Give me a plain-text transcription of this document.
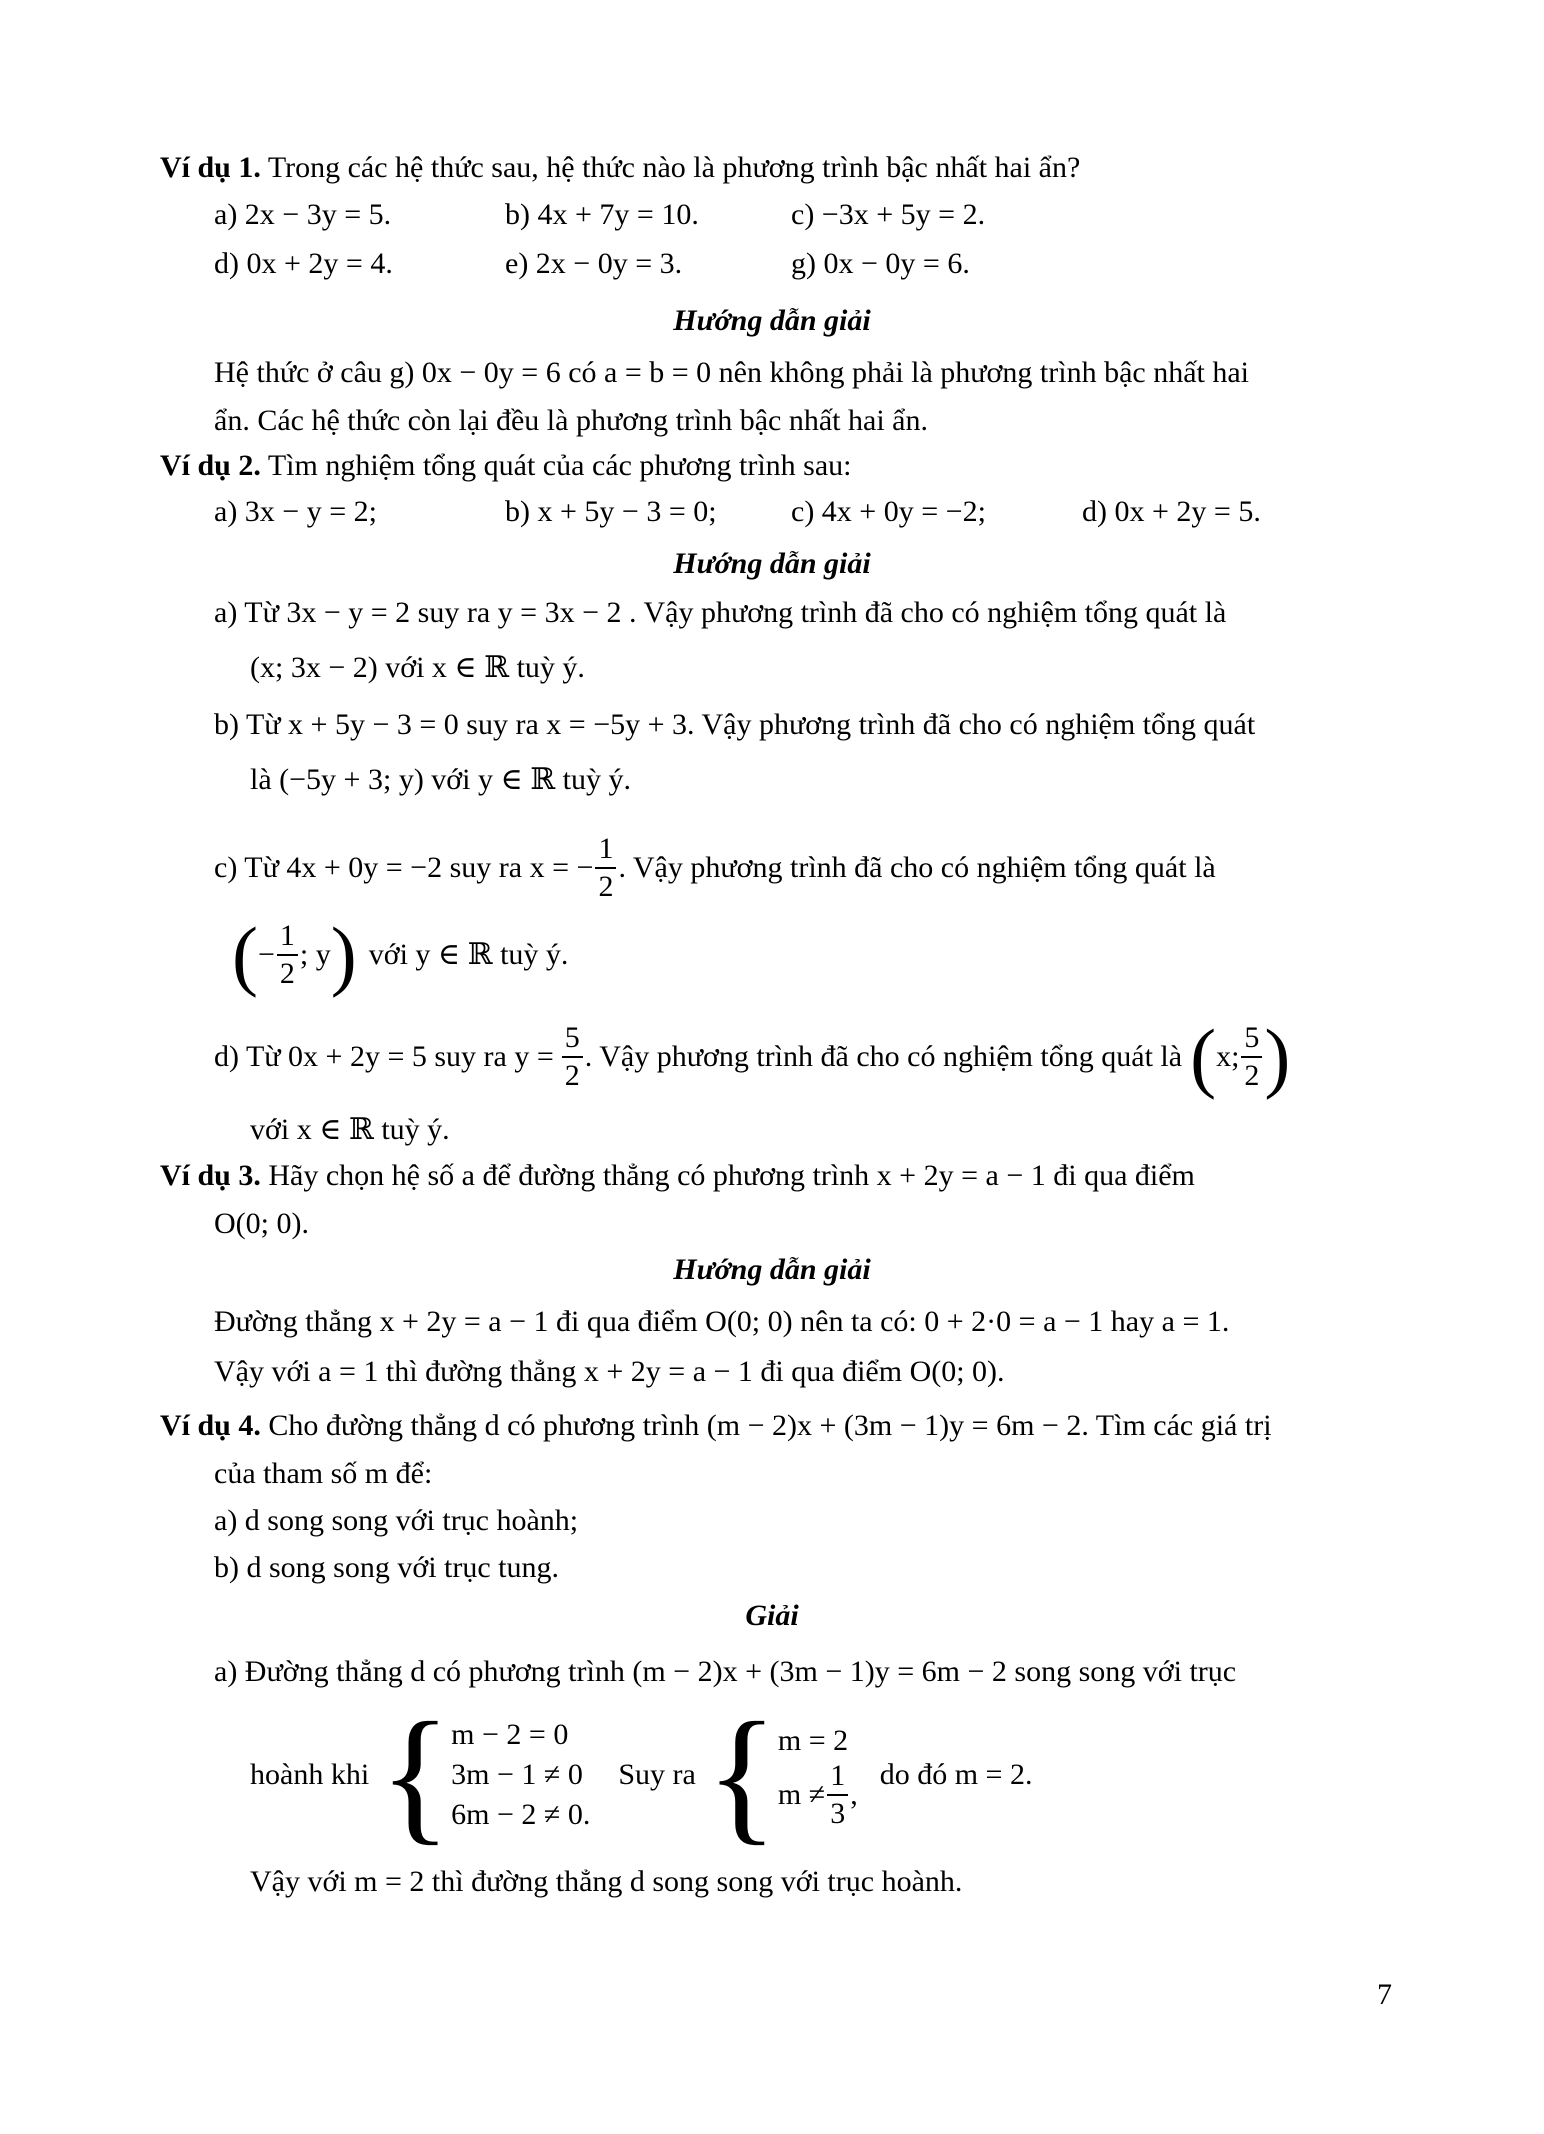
Ví dụ 1. Trong các hệ thức sau, hệ thức nào là phương trình bậc nhất hai ẩn?
a) 2x − 3y = 5.	b) 4x + 7y = 10.	c) −3x + 5y = 2.
d) 0x + 2y = 4.	e) 2x − 0y = 3.	g) 0x − 0y = 6.
Hướng dẫn giải
Hệ thức ở câu g) 0x − 0y = 6 có a = b = 0 nên không phải là phương trình bậc nhất hai
ẩn. Các hệ thức còn lại đều là phương trình bậc nhất hai ẩn.
Ví dụ 2. Tìm nghiệm tổng quát của các phương trình sau:
a) 3x − y = 2;	b) x + 5y − 3 = 0; c) 4x + 0y = −2;	d) 0x + 2y = 5.
Hướng dẫn giải
a) Từ 3x − y = 2 suy ra y = 3x − 2 . Vậy phương trình đã cho có nghiệm tổng quát là
(x; 3x − 2) với x ∈ ℝ tuỳ ý.
b) Từ x + 5y − 3 = 0 suy ra x = −5y + 3. Vậy phương trình đã cho có nghiệm tổng quát
là (−5y + 3; y) với y ∈ ℝ tuỳ ý.
c) Từ 4x + 0y = −2 suy ra x = − $\frac{1}{2}$ . Vậy phương trình đã cho có nghiệm tổng quát là
( − $\frac{1}{2}$ ; y ) với y ∈ ℝ tuỳ ý.
d) Từ 0x + 2y = 5 suy ra $y = \frac{5}{2}$ . Vậy phương trình đã cho có nghiệm tổng quát là ( x; $\frac{5}{2}$ )
với x ∈ ℝ tuỳ ý.
Ví dụ 3. Hãy chọn hệ số a để đường thẳng có phương trình x + 2y = a − 1 đi qua điểm
O(0; 0).
Hướng dẫn giải
Đường thẳng x + 2y = a − 1 đi qua điểm O(0; 0) nên ta có: 0 + 2·0 = a − 1 hay a = 1.
Vậy với a = 1 thì đường thẳng x + 2y = a − 1 đi qua điểm O(0; 0).
Ví dụ 4. Cho đường thẳng d có phương trình (m − 2)x + (3m − 1)y = 6m − 2. Tìm các giá trị
của tham số m để:
a) d song song với trục hoành;
b) d song song với trục tung.
Giải
a) Đường thẳng d có phương trình (m − 2)x + (3m − 1)y = 6m − 2 song song với trục
hoành khi { m − 2 = 0
3m − 1 ≠ 0
6m − 2 ≠ 0.
Suy ra { m = 2
$m \ne \frac{1}{3}$ ,
do đó m = 2.
Vậy với m = 2 thì đường thẳng d song song với trục hoành.
7
